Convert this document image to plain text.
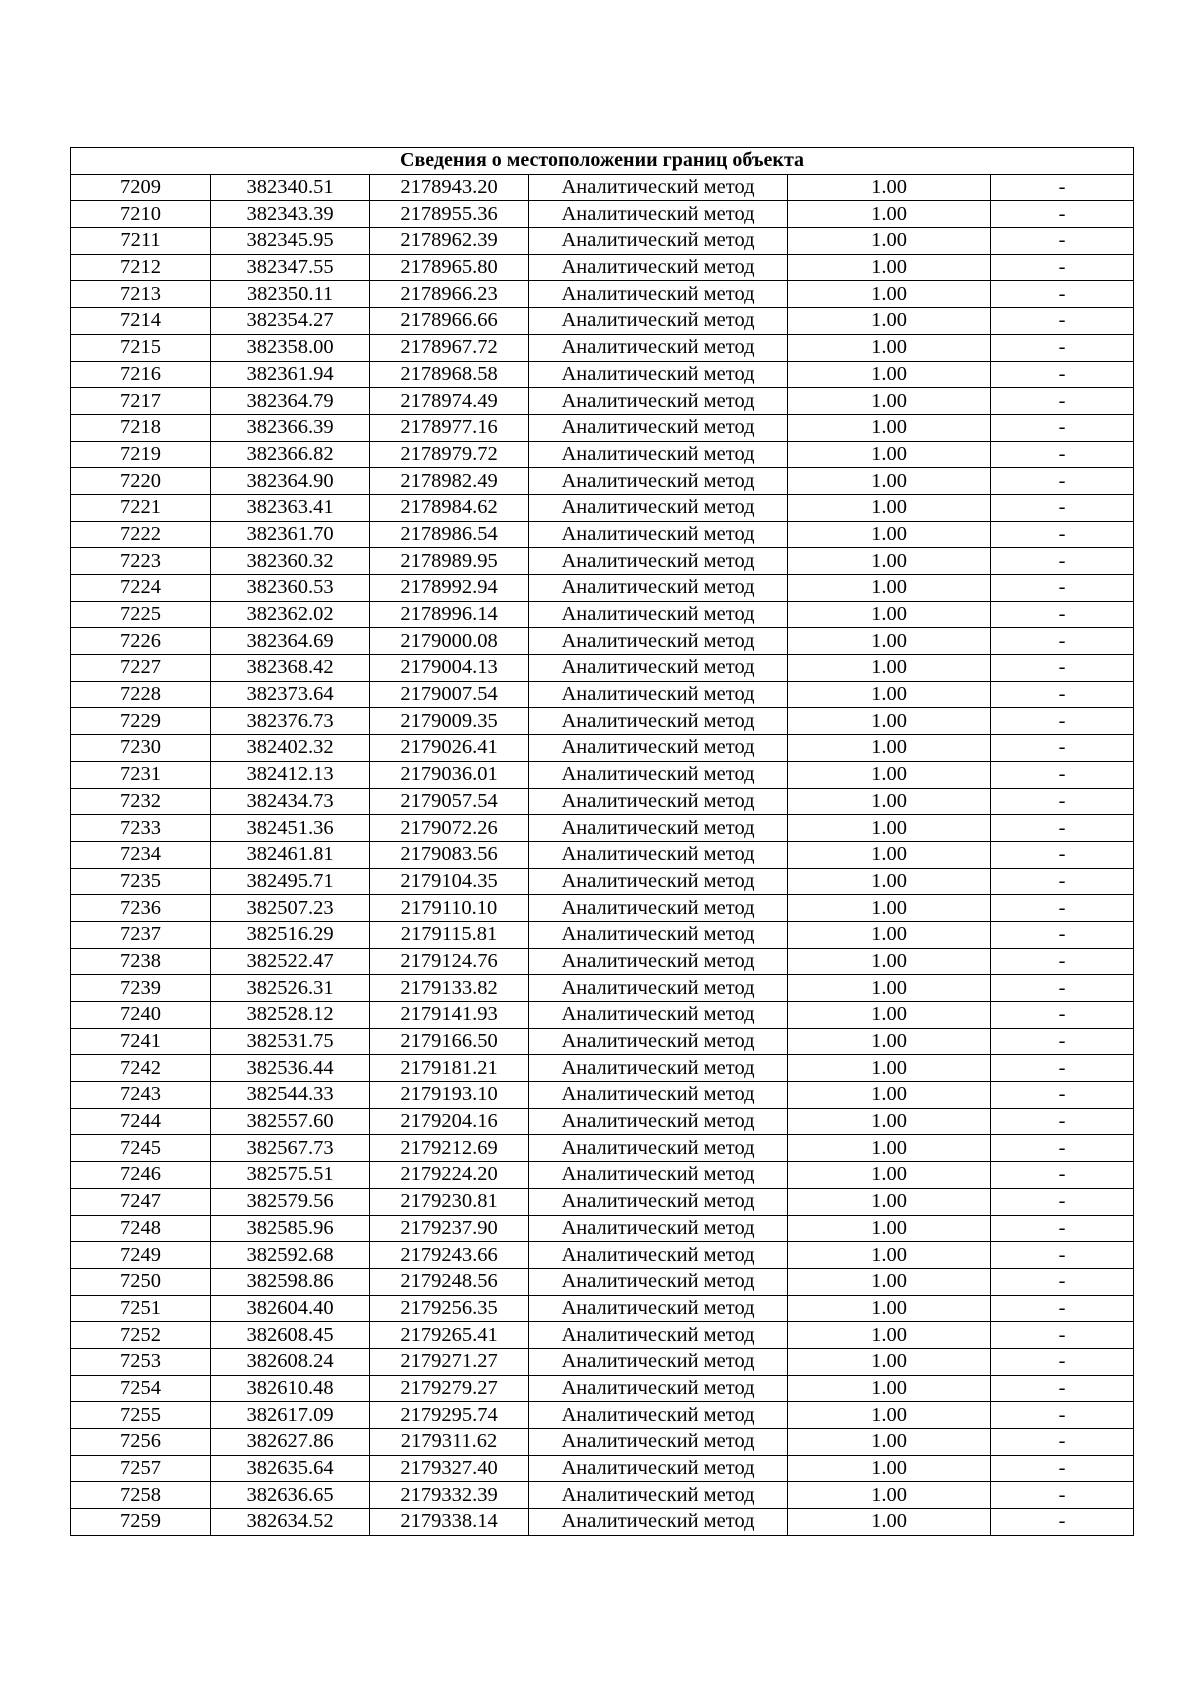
Сведения о местоположении границ объекта					
7209	382340.51	2178943.20	Аналитический метод	1.00	-
7210	382343.39	2178955.36	Аналитический метод	1.00	-
7211	382345.95	2178962.39	Аналитический метод	1.00	-
7212	382347.55	2178965.80	Аналитический метод	1.00	-
7213	382350.11	2178966.23	Аналитический метод	1.00	-
7214	382354.27	2178966.66	Аналитический метод	1.00	-
7215	382358.00	2178967.72	Аналитический метод	1.00	-
7216	382361.94	2178968.58	Аналитический метод	1.00	-
7217	382364.79	2178974.49	Аналитический метод	1.00	-
7218	382366.39	2178977.16	Аналитический метод	1.00	-
7219	382366.82	2178979.72	Аналитический метод	1.00	-
7220	382364.90	2178982.49	Аналитический метод	1.00	-
7221	382363.41	2178984.62	Аналитический метод	1.00	-
7222	382361.70	2178986.54	Аналитический метод	1.00	-
7223	382360.32	2178989.95	Аналитический метод	1.00	-
7224	382360.53	2178992.94	Аналитический метод	1.00	-
7225	382362.02	2178996.14	Аналитический метод	1.00	-
7226	382364.69	2179000.08	Аналитический метод	1.00	-
7227	382368.42	2179004.13	Аналитический метод	1.00	-
7228	382373.64	2179007.54	Аналитический метод	1.00	-
7229	382376.73	2179009.35	Аналитический метод	1.00	-
7230	382402.32	2179026.41	Аналитический метод	1.00	-
7231	382412.13	2179036.01	Аналитический метод	1.00	-
7232	382434.73	2179057.54	Аналитический метод	1.00	-
7233	382451.36	2179072.26	Аналитический метод	1.00	-
7234	382461.81	2179083.56	Аналитический метод	1.00	-
7235	382495.71	2179104.35	Аналитический метод	1.00	-
7236	382507.23	2179110.10	Аналитический метод	1.00	-
7237	382516.29	2179115.81	Аналитический метод	1.00	-
7238	382522.47	2179124.76	Аналитический метод	1.00	-
7239	382526.31	2179133.82	Аналитический метод	1.00	-
7240	382528.12	2179141.93	Аналитический метод	1.00	-
7241	382531.75	2179166.50	Аналитический метод	1.00	-
7242	382536.44	2179181.21	Аналитический метод	1.00	-
7243	382544.33	2179193.10	Аналитический метод	1.00	-
7244	382557.60	2179204.16	Аналитический метод	1.00	-
7245	382567.73	2179212.69	Аналитический метод	1.00	-
7246	382575.51	2179224.20	Аналитический метод	1.00	-
7247	382579.56	2179230.81	Аналитический метод	1.00	-
7248	382585.96	2179237.90	Аналитический метод	1.00	-
7249	382592.68	2179243.66	Аналитический метод	1.00	-
7250	382598.86	2179248.56	Аналитический метод	1.00	-
7251	382604.40	2179256.35	Аналитический метод	1.00	-
7252	382608.45	2179265.41	Аналитический метод	1.00	-
7253	382608.24	2179271.27	Аналитический метод	1.00	-
7254	382610.48	2179279.27	Аналитический метод	1.00	-
7255	382617.09	2179295.74	Аналитический метод	1.00	-
7256	382627.86	2179311.62	Аналитический метод	1.00	-
7257	382635.64	2179327.40	Аналитический метод	1.00	-
7258	382636.65	2179332.39	Аналитический метод	1.00	-
7259	382634.52	2179338.14	Аналитический метод	1.00	-
